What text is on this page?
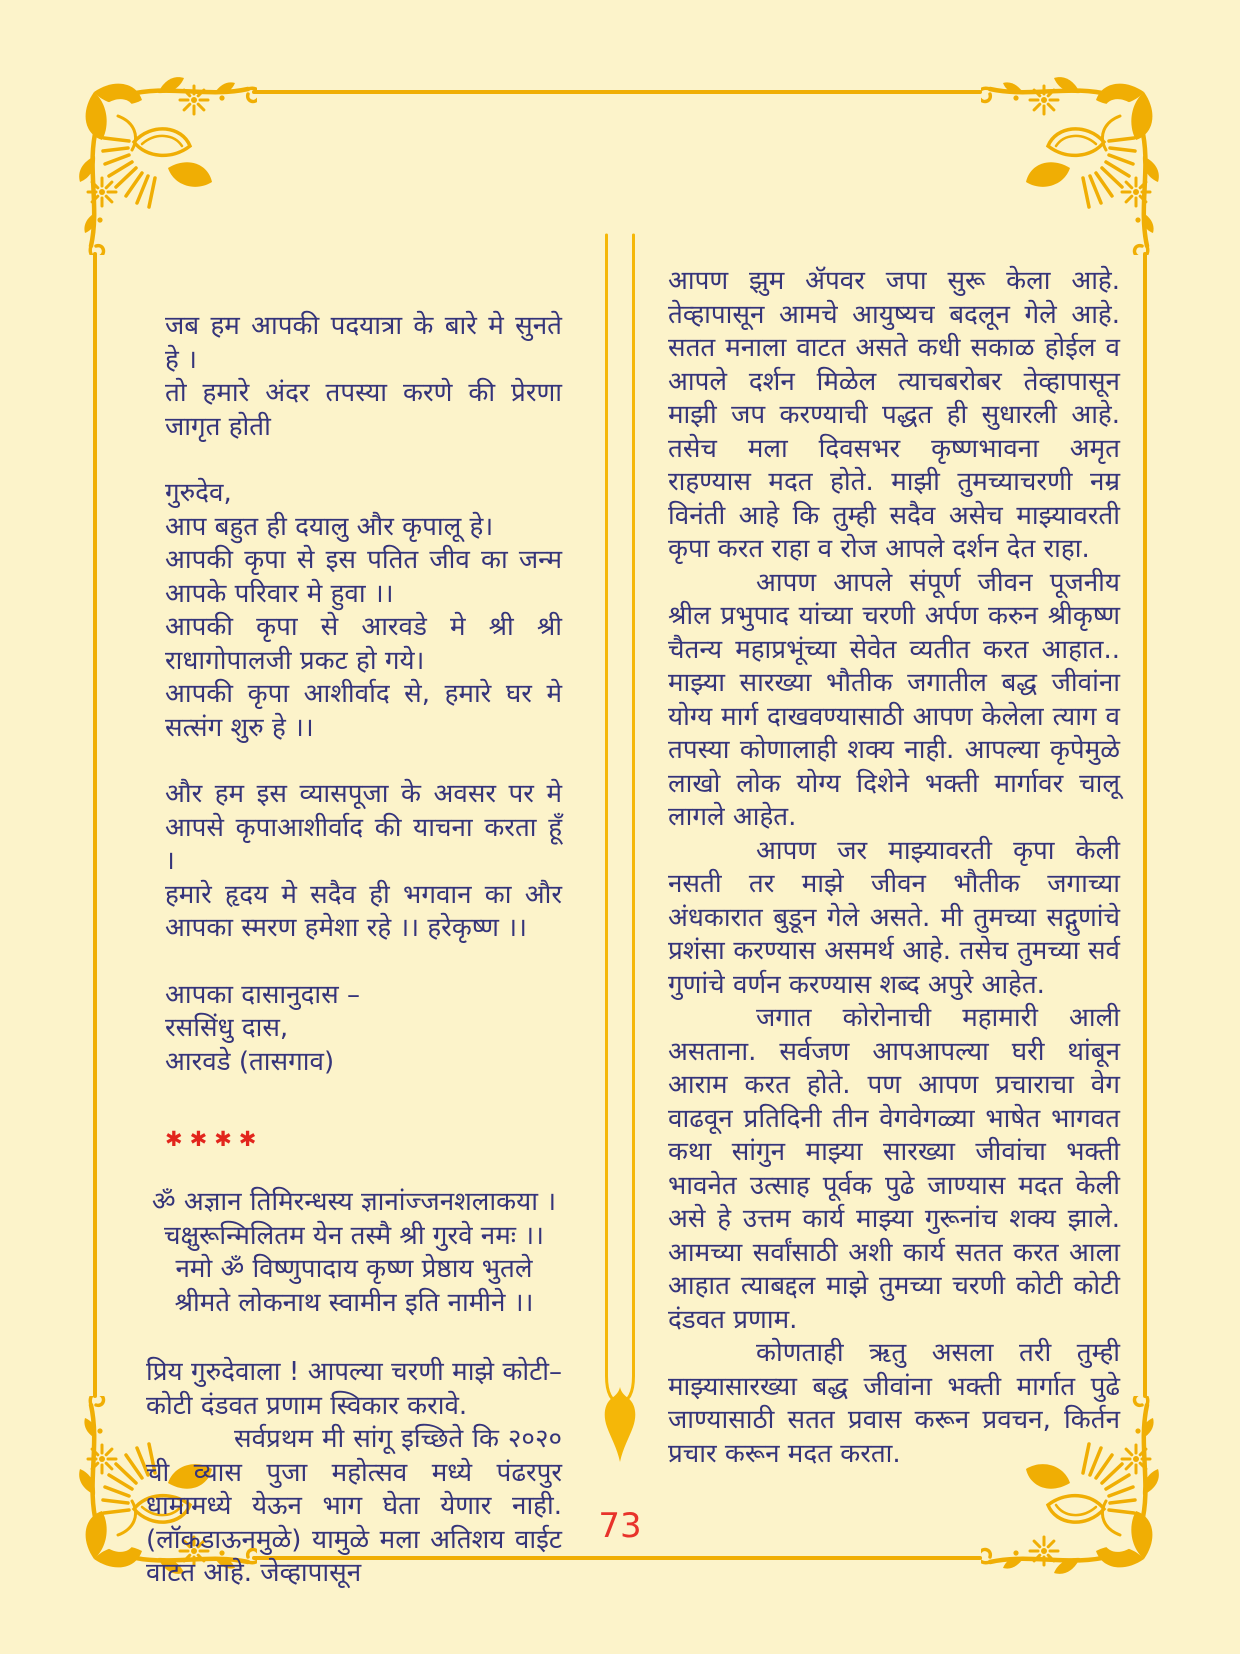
जब हम आपकी पदयात्रा के बारे मे सुनते हे ।

तो हमारे अंदर तपस्या करणे की प्रेरणा जागृत होती

गुरुदेव,

आप बहुत ही दयालु और कृपालू हे।

आपकी कृपा से इस पतित जीव का जन्म आपके परिवार मे हुवा ।।

आपकी कृपा से आरवडे मे श्री श्री राधागोपालजी प्रकट हो गये।

आपकी कृपा आशीर्वाद से, हमारे घर मे सत्संग शुरु हे ।।

और हम इस व्यासपूजा के अवसर पर मे आपसे कृपाआशीर्वाद की याचना करता हूँ ।

हमारे हृदय मे सदैव ही भगवान का और आपका स्मरण हमेशा रहे ।। हरेकृष्ण ।।

आपका दासानुदास –

रससिंधु दास,

आरवडे (तासगाव)

✱✱✱✱

ॐ अज्ञान तिमिरन्धस्य ज्ञानांज्जनशलाकया ।

चक्षुरून्मिलितम येन तस्मै श्री गुरवे नमः ।।

नमो ॐ विष्णुपादाय कृष्ण प्रेष्ठाय भुतले

श्रीमते लोकनाथ स्वामीन इति नामीने ।।

प्रिय गुरुदेवाला ! आपल्या चरणी माझे कोटी–कोटी दंडवत प्रणाम स्विकार करावे.

सर्वप्रथम मी सांगू इच्छिते कि २०२० ची व्यास पुजा महोत्सव मध्ये पंढरपुर धामामध्ये येऊन भाग घेता येणार नाही. (लॉकडाऊनमुळे) यामुळे मला अतिशय वाईट वाटत आहे. जेव्हापासून

आपण झुम ॲपवर जपा सुरू केला आहे. तेव्हापासून आमचे आयुष्यच बदलून गेले आहे. सतत मनाला वाटत असते कधी सकाळ होईल व आपले दर्शन मिळेल त्याचबरोबर तेव्हापासून माझी जप करण्याची पद्धत ही सुधारली आहे. तसेच मला दिवसभर कृष्णभावना अमृत राहण्यास मदत होते. माझी तुमच्याचरणी नम्र विनंती आहे कि तुम्ही सदैव असेच माझ्यावरती कृपा करत राहा व रोज आपले दर्शन देत राहा.

आपण आपले संपूर्ण जीवन पूजनीय श्रील प्रभुपाद यांच्या चरणी अर्पण करुन श्रीकृष्ण चैतन्य महाप्रभूंच्या सेवेत व्यतीत करत आहात.. माझ्या सारख्या भौतीक जगातील बद्ध जीवांना योग्य मार्ग दाखवण्यासाठी आपण केलेला त्याग व तपस्या कोणालाही शक्य नाही. आपल्या कृपेमुळे लाखो लोक योग्य दिशेने भक्ती मार्गावर चालू लागले आहेत.

आपण जर माझ्यावरती कृपा केली नसती तर माझे जीवन भौतीक जगाच्या अंधकारात बुडून गेले असते. मी तुमच्या सद्गुणांचे प्रशंसा करण्यास असमर्थ आहे. तसेच तुमच्या सर्व गुणांचे वर्णन करण्यास शब्द अपुरे आहेत.

जगात कोरोनाची महामारी आली असताना. सर्वजण आपआपल्या घरी थांबून आराम करत होते. पण आपण प्रचाराचा वेग वाढवून प्रतिदिनी तीन वेगवेगळ्या भाषेत भागवत कथा सांगुन माझ्या सारख्या जीवांचा भक्ती भावनेत उत्साह पूर्वक पुढे जाण्यास मदत केली असे हे उत्तम कार्य माझ्या गुरूनांच शक्य झाले. आमच्या सर्वांसाठी अशी कार्य सतत करत आला आहात त्याबद्दल माझे तुमच्या चरणी कोटी कोटी दंडवत प्रणाम.

कोणताही ऋतु असला तरी तुम्ही माझ्यासारख्या बद्ध जीवांना भक्ती मार्गात पुढे जाण्यासाठी सतत प्रवास करून प्रवचन, किर्तन प्रचार करून मदत करता.

73
